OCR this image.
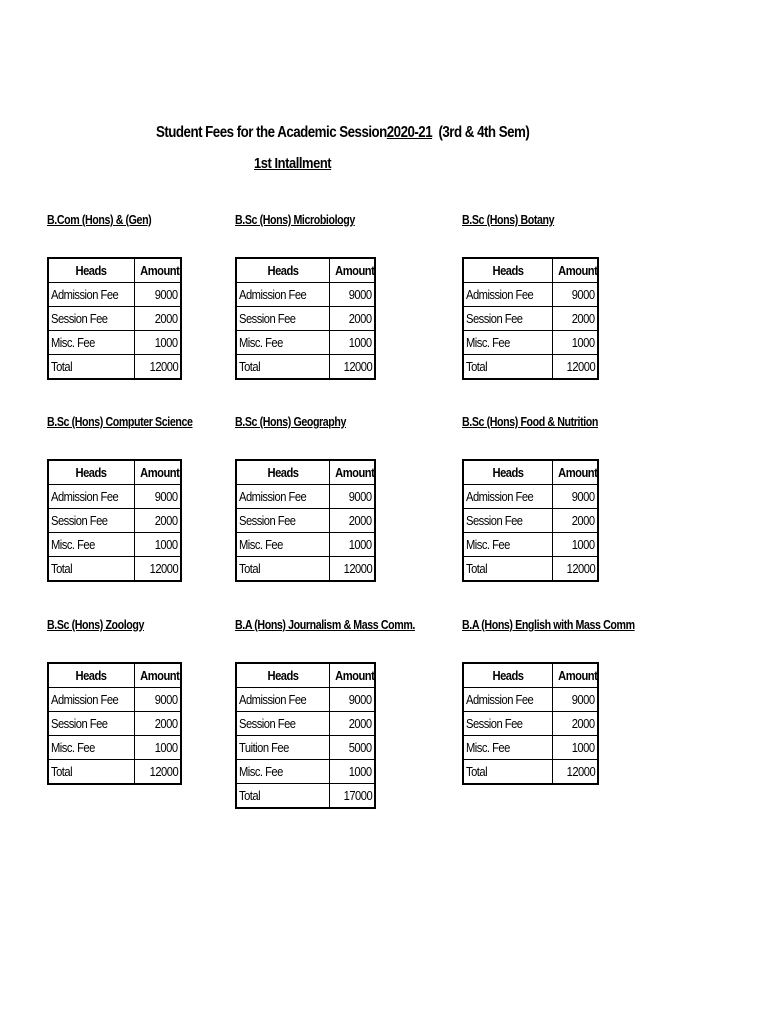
Student Fees for the Academic Session2020-21 (3rd & 4th Sem)
1st Intallment
B.Com (Hons) & (Gen)
Heads	Amount
Admission Fee	9000
Session Fee	2000
Misc. Fee	1000
Total	12000
B.Sc (Hons) Microbiology
Heads	Amount
Admission Fee	9000
Session Fee	2000
Misc. Fee	1000
Total	12000
B.Sc (Hons) Botany
Heads	Amount
Admission Fee	9000
Session Fee	2000
Misc. Fee	1000
Total	12000
B.Sc (Hons) Computer Science
Heads	Amount
Admission Fee	9000
Session Fee	2000
Misc. Fee	1000
Total	12000
B.Sc (Hons) Geography
Heads	Amount
Admission Fee	9000
Session Fee	2000
Misc. Fee	1000
Total	12000
B.Sc (Hons) Food & Nutrition
Heads	Amount
Admission Fee	9000
Session Fee	2000
Misc. Fee	1000
Total	12000
B.Sc (Hons) Zoology
Heads	Amount
Admission Fee	9000
Session Fee	2000
Misc. Fee	1000
Total	12000
B.A (Hons) Journalism & Mass Comm.
Heads	Amount
Admission Fee	9000
Session Fee	2000
Tuition Fee	5000
Misc. Fee	1000
Total	17000
B.A (Hons) English with Mass Comm
Heads	Amount
Admission Fee	9000
Session Fee	2000
Misc. Fee	1000
Total	12000
